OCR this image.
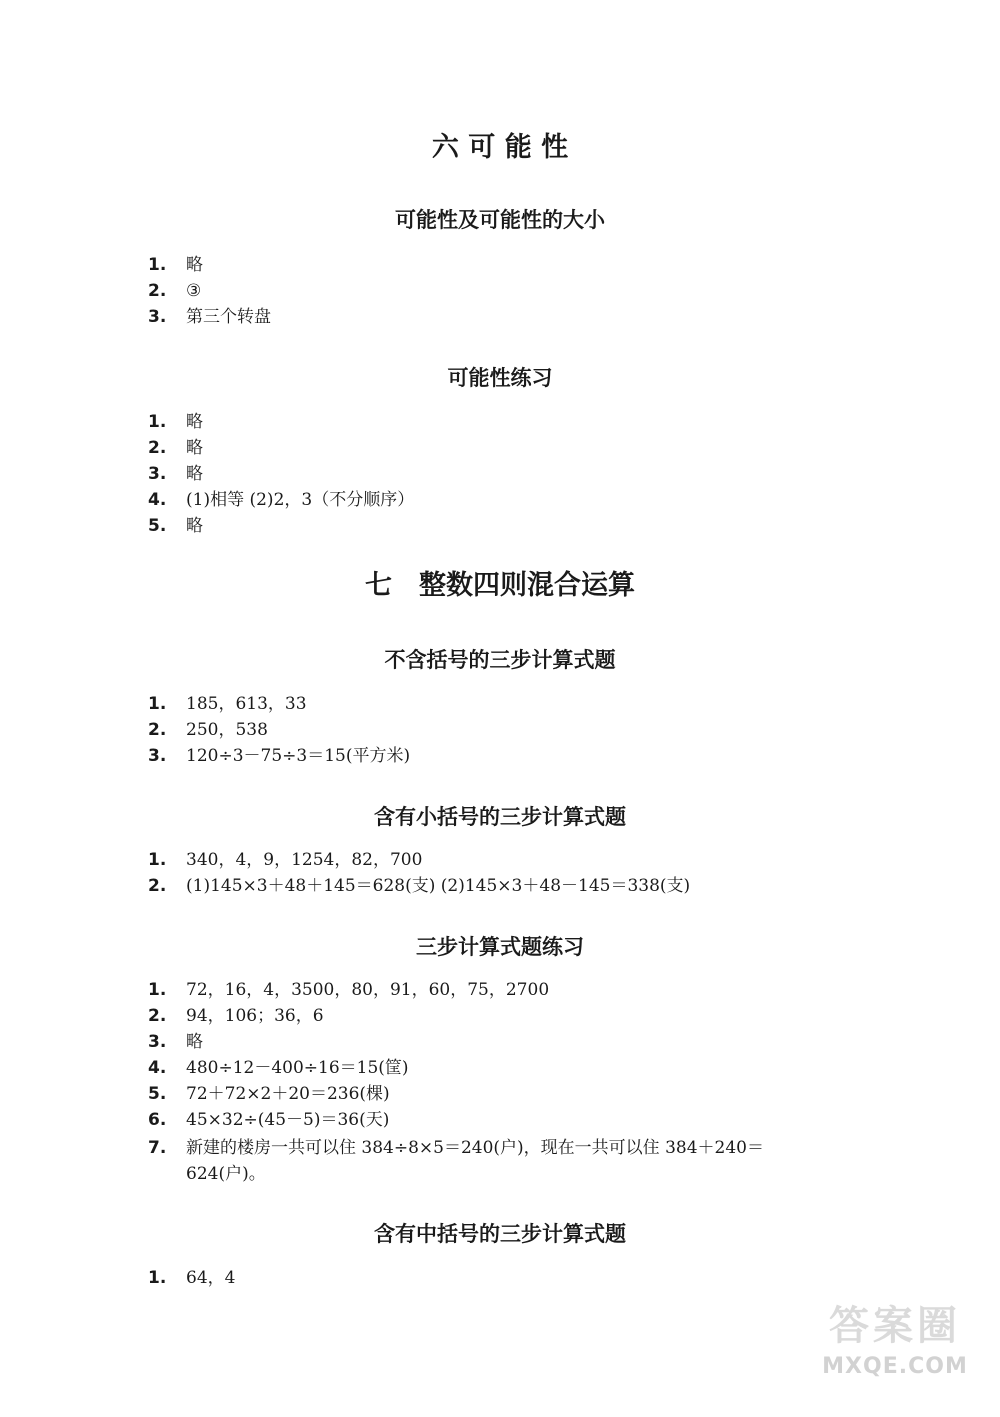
六 可 能 性
可能性及可能性的大小
1. 略
2. ③
3. 第三个转盘
可能性练习
1. 略
2. 略
3. 略
4. (1)相等 (2)2，3（不分顺序）
5. 略
七　整数四则混合运算
不含括号的三步计算式题
1. 185，613，33
2. 250，538
3. 120÷3－75÷3＝15(平方米)
含有小括号的三步计算式题
1. 340，4，9，1254，82，700
2. (1)145×3＋48＋145＝628(支) (2)145×3＋48－145＝338(支)
三步计算式题练习
1. 72，16，4，3500，80，91，60，75，2700
2. 94，106；36，6
3. 略
4. 480÷12－400÷16＝15(筐)
5. 72＋72×2＋20＝236(棵)
6. 45×32÷(45－5)＝36(天)
7. 新建的楼房一共可以住 384÷8×5＝240(户)，现在一共可以住 384＋240＝
624(户)。
含有中括号的三步计算式题
1. 64，4
答案圈
MXQE.COM
